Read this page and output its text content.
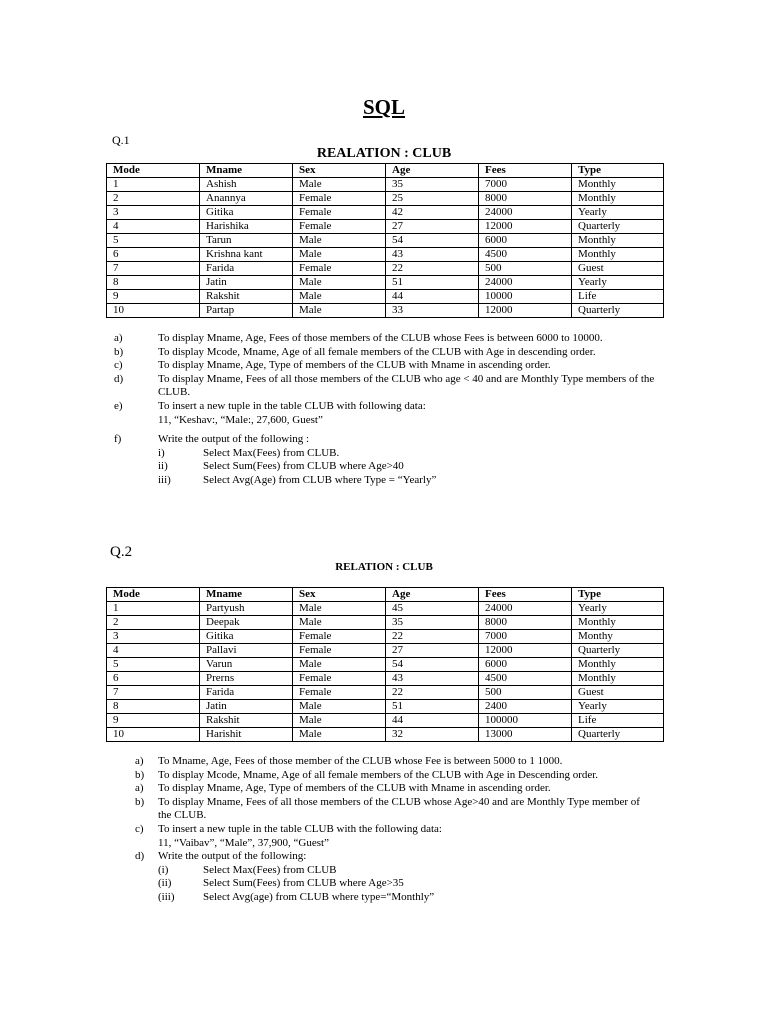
SQL
Q.1
REALATION : CLUB
Mode	Mname	Sex	Age	Fees	Type
1	Ashish	Male	35	7000	Monthly
2	Anannya	Female	25	8000	Monthly
3	Gitika	Female	42	24000	Yearly
4	Harishika	Female	27	12000	Quarterly
5	Tarun	Male	54	6000	Monthly
6	Krishna kant	Male	43	4500	Monthly
7	Farida	Female	22	500	Guest
8	Jatin	Male	51	24000	Yearly
9	Rakshit	Male	44	10000	Life
10	Partap	Male	33	12000	Quarterly
a)	To display Mname, Age, Fees of those members of the CLUB whose Fees is between 6000 to 10000.
b)	To display Mcode, Mname, Age of all female members of the CLUB with Age in descending order.
c)	To display Mname, Age, Type of members of the CLUB with Mname in ascending order.
d)	To display Mname, Fees of all those members of the CLUB who age < 40 and are Monthly Type members of the CLUB.
e)	To insert a new tuple in the table CLUB with following data:
11, “Keshav:, “Male:, 27,600, Guest”
f)	Write the output of the following :
i)	Select Max(Fees) from CLUB.
ii)	Select Sum(Fees) from CLUB where Age>40
iii)	Select Avg(Age) from CLUB where Type = “Yearly”
Q.2
RELATION : CLUB
Mode	Mname	Sex	Age	Fees	Type
1	Partyush	Male	45	24000	Yearly
2	Deepak	Male	35	8000	Monthly
3	Gitika	Female	22	7000	Monthy
4	Pallavi	Female	27	12000	Quarterly
5	Varun	Male	54	6000	Monthly
6	Prerns	Female	43	4500	Monthly
7	Farida	Female	22	500	Guest
8	Jatin	Male	51	2400	Yearly
9	Rakshit	Male	44	100000	Life
10	Harishit	Male	32	13000	Quarterly
a)	To Mname, Age, Fees of those member of the CLUB whose Fee is between 5000 to 1 1000.
b)	To display Mcode, Mname, Age of all female members of the CLUB with Age in Descending order.
a)	To display Mname, Age, Type of members of the CLUB with Mname in ascending order.
b)	To display Mname, Fees of all those members of the CLUB whose Age>40 and are Monthly Type member of the CLUB.
c)	To insert a new tuple in the table CLUB with the following data:
11, “Vaibav”, “Male”, 37,900, “Guest”
d)	Write the output of the following:
(i)	Select Max(Fees) from CLUB
(ii)	Select Sum(Fees) from CLUB where Age>35
(iii)	Select Avg(age) from CLUB where type=“Monthly”
